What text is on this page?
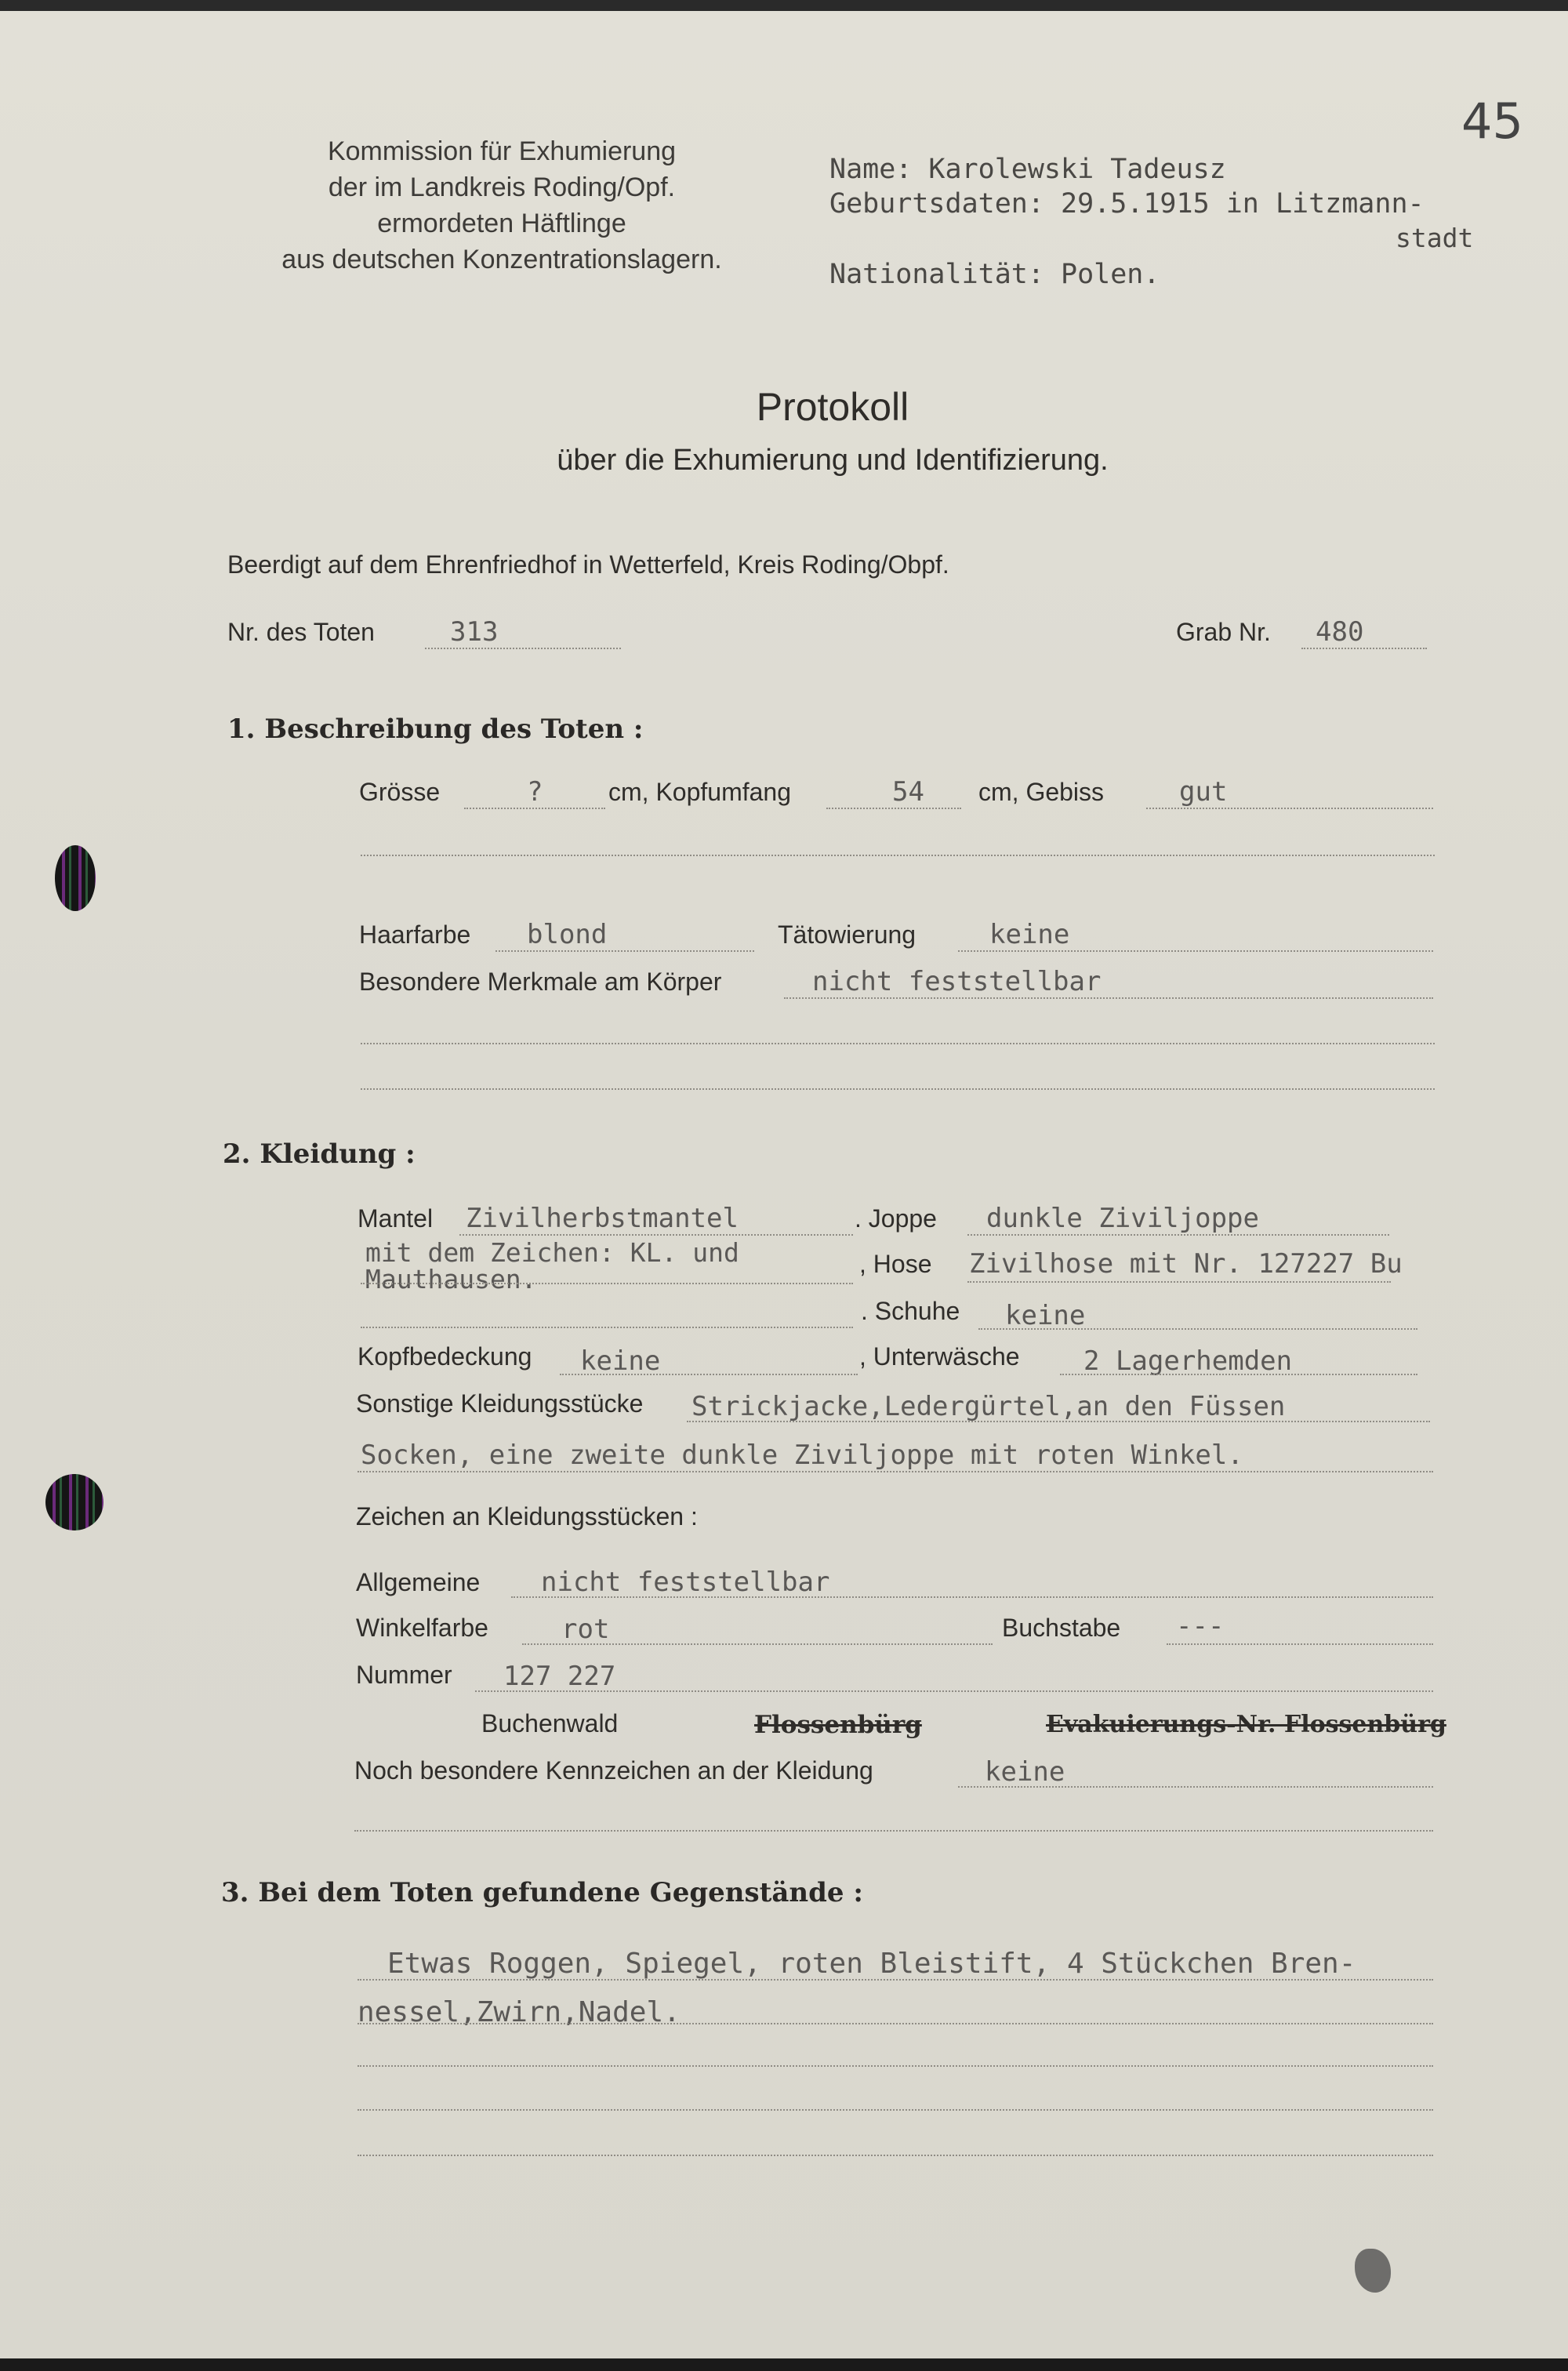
45
Kommission für Exhumierung
der im Landkreis Roding/Opf.
ermordeten Häftlinge
aus deutschen Konzentrationslagern.
Name: Karolewski Tadeusz
Geburtsdaten: 29.5.1915 in Litzmann-
stadt
Nationalität: Polen.
Protokoll
über die Exhumierung und Identifizierung.
Beerdigt auf dem Ehrenfriedhof in Wetterfeld, Kreis Roding/Obpf.
Nr. des Toten	313	Grab Nr. 480
1. Beschreibung des Toten :
Grösse	?	cm, Kopfumfang	54 cm, Gebiss	gut
Haarfarbe blond	Tätowierung	keine
Besondere Merkmale am Körper	nicht feststellbar
2. Kleidung :
Mantel Zivilherbstmantel	. Joppe dunkle Ziviljoppe
mit dem Zeichen: KL. und
Mauthausen.	, Hose Zivilhose mit Nr. 127227 Bu
. Schuhe keine
Kopfbedeckung keine	, Unterwäsche 2 Lagerhemden
Sonstige Kleidungsstücke Strickjacke,Ledergürtel,an den Füssen
Socken, eine zweite dunkle Ziviljoppe mit roten Winkel.
Zeichen an Kleidungsstücken :
Allgemeine nicht feststellbar
Winkelfarbe	rot	Buchstabe ---
Nummer 127 227
Buchenwald	Flossenbürg	Evakuierungs-Nr. Flossenbürg
Noch besondere Kennzeichen an der Kleidung	keine
3. Bei dem Toten gefundene Gegenstände :
Etwas Roggen, Spiegel, roten Bleistift, 4 Stückchen Bren-
nessel,Zwirn,Nadel.
